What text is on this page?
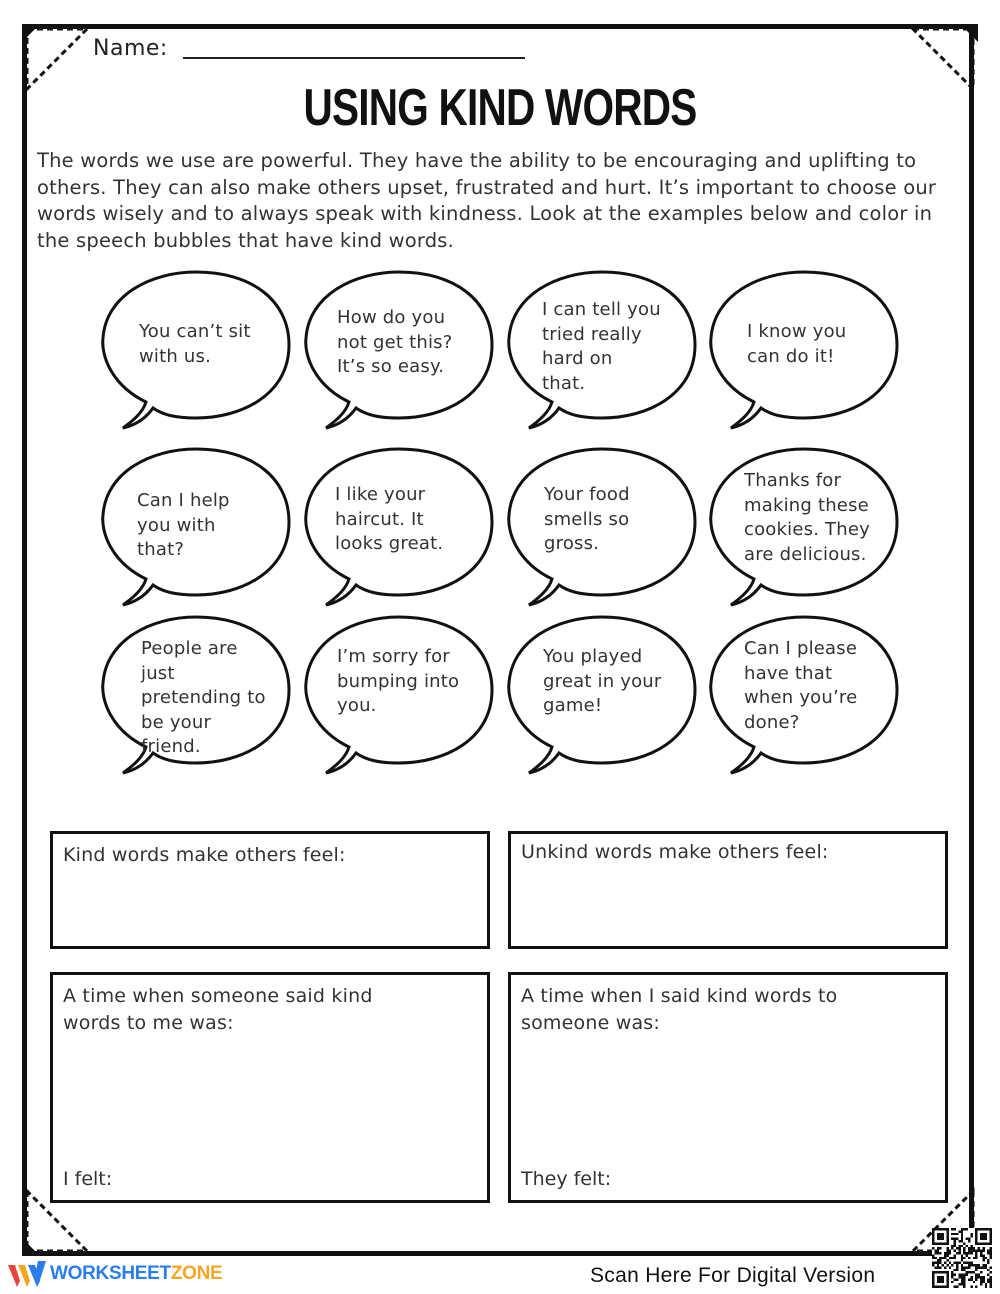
Name:
USING KIND WORDS
The words we use are powerful. They have the ability to be encouraging and uplifting to others. They can also make others upset, frustrated and hurt. It’s important to choose our words wisely and to always speak with kindness. Look at the examples below and color in the speech bubbles that have kind words.
You can’t sit
with us.
How do you
not get this?
It’s so easy.
I can tell you
tried really
hard on
that.
I know you
can do it!
Can I help
you with
that?
I like your
haircut. It
looks great.
Your food
smells so
gross.
Thanks for
making these
cookies. They
are delicious.
People are
just
pretending to
be your
friend.
I’m sorry for
bumping into
you.
You played
great in your
game!
Can I please
have that
when you’re
done?
Kind words make others feel:	Unkind words make others feel:
A time when someone said kind
words to me was:
I felt:
A time when I said kind words to
someone was:
They felt:
WORKSHEETZONE	Scan Here For Digital Version
